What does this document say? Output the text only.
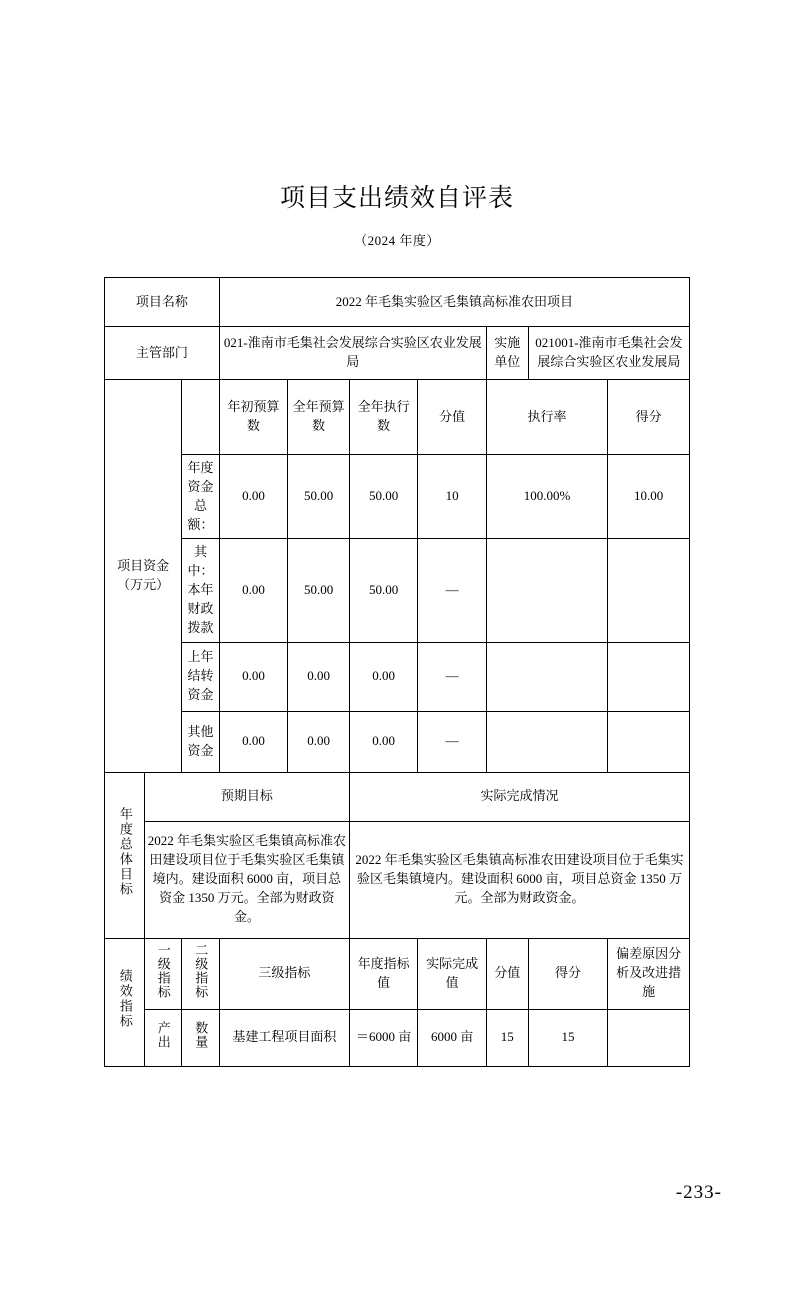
项目支出绩效自评表
（2024 年度）
项目名称			2022 年毛集实验区毛集镇高标准农田项目						
主管部门			021-淮南市毛集社会发展综合实验区农业发展局				实施单位	021001-淮南市毛集社会发展综合实验区农业发展局	
项目资金（万元）			年初预算数	全年预算数	全年执行数	分值	执行率		得分
		年度资金总额：	0.00	50.00	50.00	10	100.00%		10.00
		其中：本年财政拨款	0.00	50.00	50.00	—			
		上年结转资金	0.00	0.00	0.00	—			
		其他资金	0.00	0.00	0.00	—			
年度总体目标	预期目标				实际完成情况				
	2022 年毛集实验区毛集镇高标准农田建设项目位于毛集实验区毛集镇境内。建设面积 6000 亩，项目总资金 1350 万元。全部为财政资金。				2022 年毛集实验区毛集镇高标准农田建设项目位于毛集实验区毛集镇境内。建设面积 6000 亩，项目总资金 1350 万元。全部为财政资金。				
绩效指标	一级指标	二级指标	三级指标		年度指标值	实际完成值	分值	得分	偏差原因分析及改进措施
	产出	数量	基建工程项目面积		＝6000 亩	6000 亩	15	15	
-233-
